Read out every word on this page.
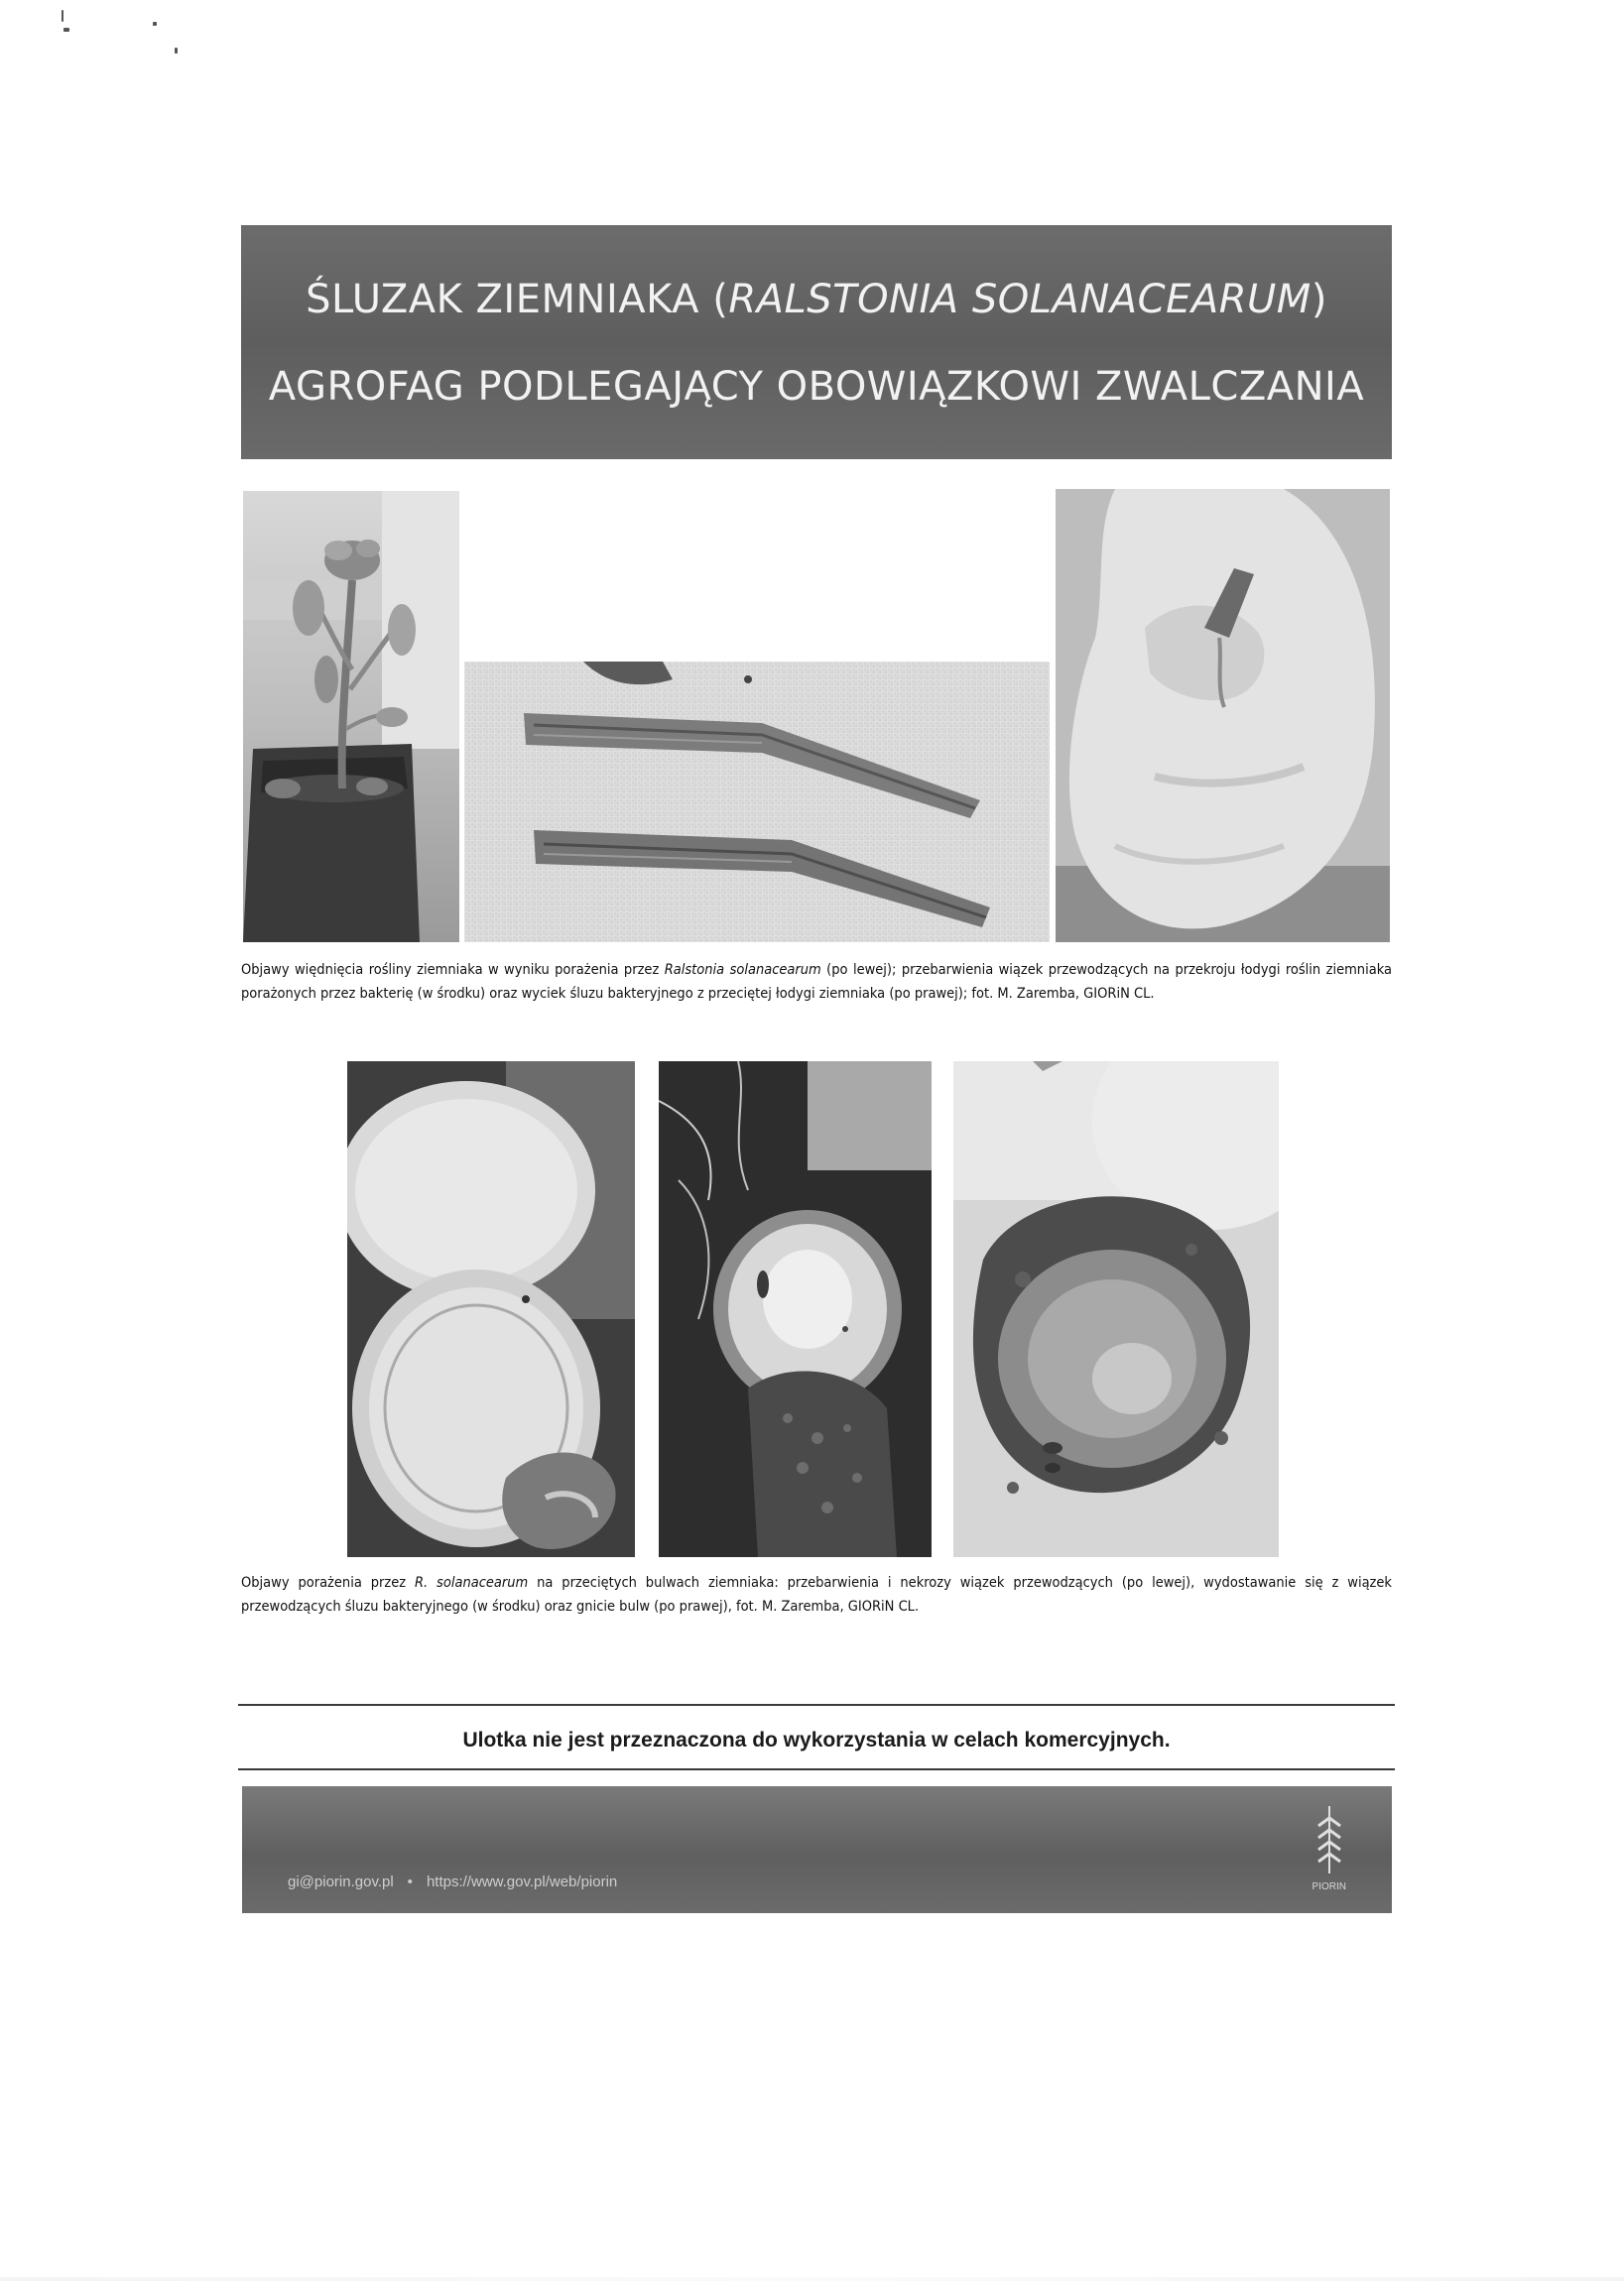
ŚLUZAK ZIEMNIAKA (RALSTONIA SOLANACEARUM)
AGROFAG PODLEGAJĄCY OBOWIĄZKOWI ZWALCZANIA
Objawy więdnięcia rośliny ziemniaka w wyniku porażenia przez Ralstonia solanacearum (po lewej); przebarwienia wiązek przewodzących na przekroju łodygi roślin ziemniaka porażonych przez bakterię (w środku) oraz wyciek śluzu bakteryjnego z przeciętej łodygi ziemniaka (po prawej); fot. M. Zaremba, GIORiN CL.
Objawy porażenia przez R. solanacearum na przeciętych bulwach ziemniaka: przebarwienia i nekrozy wiązek przewodzących (po lewej), wydostawanie się z wiązek przewodzących śluzu bakteryjnego (w środku) oraz gnicie bulw (po prawej), fot. M. Zaremba, GIORiN CL.
Ulotka nie jest przeznaczona do wykorzystania w celach komercyjnych.
gi@piorin.gov.pl • https://www.gov.pl/web/piorin	PIORIN
